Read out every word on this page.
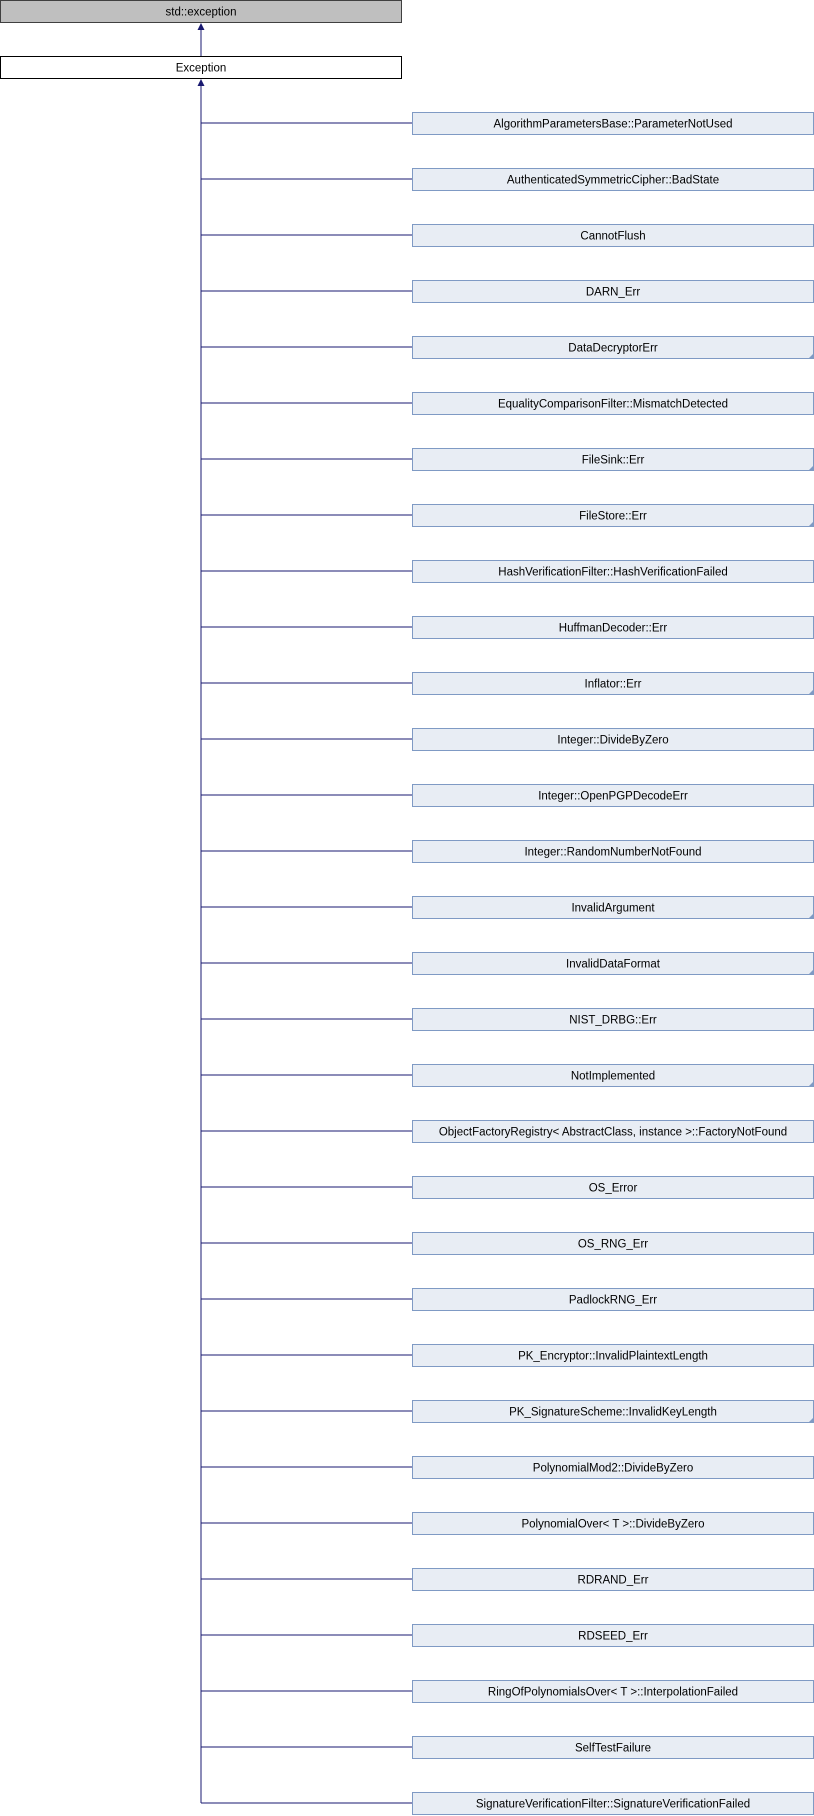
std::exception
Exception
AlgorithmParametersBase::ParameterNotUsed
AuthenticatedSymmetricCipher::BadState
CannotFlush
DARN_Err
DataDecryptorErr
EqualityComparisonFilter::MismatchDetected
FileSink::Err
FileStore::Err
HashVerificationFilter::HashVerificationFailed
HuffmanDecoder::Err
Inflator::Err
Integer::DivideByZero
Integer::OpenPGPDecodeErr
Integer::RandomNumberNotFound
InvalidArgument
InvalidDataFormat
NIST_DRBG::Err
NotImplemented
ObjectFactoryRegistry< AbstractClass, instance >::FactoryNotFound
OS_Error
OS_RNG_Err
PadlockRNG_Err
PK_Encryptor::InvalidPlaintextLength
PK_SignatureScheme::InvalidKeyLength
PolynomialMod2::DivideByZero
PolynomialOver< T >::DivideByZero
RDRAND_Err
RDSEED_Err
RingOfPolynomialsOver< T >::InterpolationFailed
SelfTestFailure
SignatureVerificationFilter::SignatureVerificationFailed
